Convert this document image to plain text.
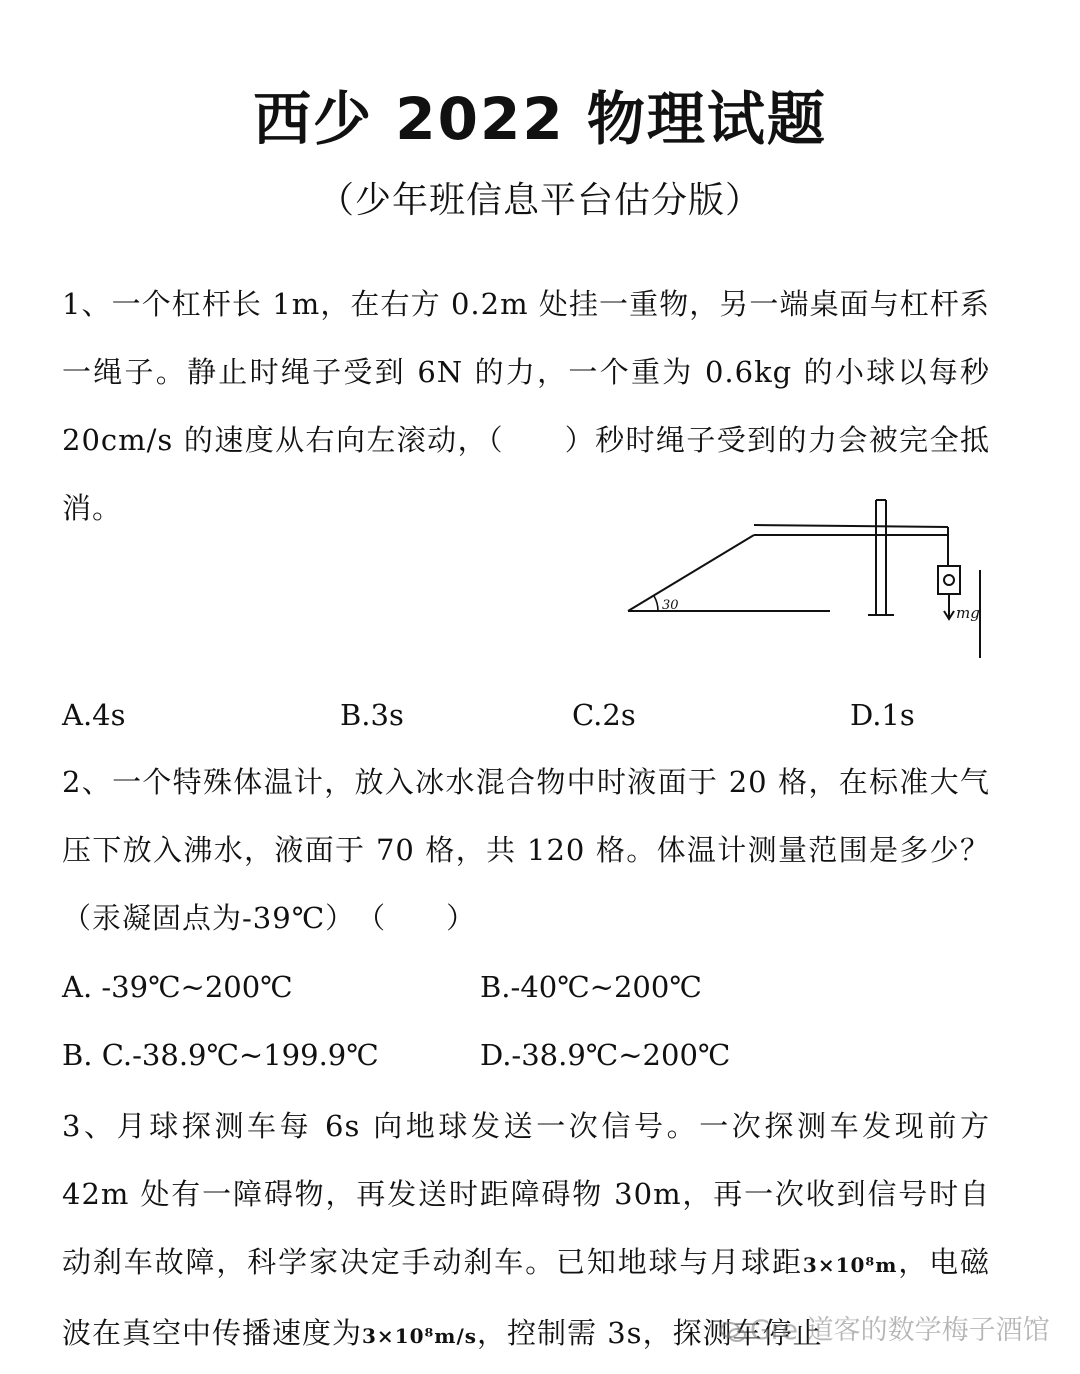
西少 2022 物理试题
（少年班信息平台估分版）
1、一个杠杆长 1m，在右方 0.2m 处挂一重物，另一端桌面与杠杆系一绳子。静止时绳子受到 6N 的力，一个重为 0.6kg 的小球以每秒 20cm/s 的速度从右向左滚动，（　　）秒时绳子受到的力会被完全抵消。
30	mg
A.4s	B.3s	C.2s	D.1s
2、一个特殊体温计，放入冰水混合物中时液面于 20 格，在标准大气压下放入沸水，液面于 70 格，共 120 格。体温计测量范围是多少？（汞凝固点为-39℃）　（　　）
A. -39℃~200℃	B.-40℃~200℃
B. C.-38.9℃~199.9℃	D.-38.9℃~200℃
3、月球探测车每 6s 向地球发送一次信号。一次探测车发现前方 42m 处有一障碍物，再发送时距障碍物 30m，再一次收到信号时自动刹车故障，科学家决定手动刹车。已知地球与月球距3×10⁸m，电磁波在真空中传播速度为3×10⁸m/s，控制需 3s，探测车停止
Gre 道客的数学梅子酒馆
